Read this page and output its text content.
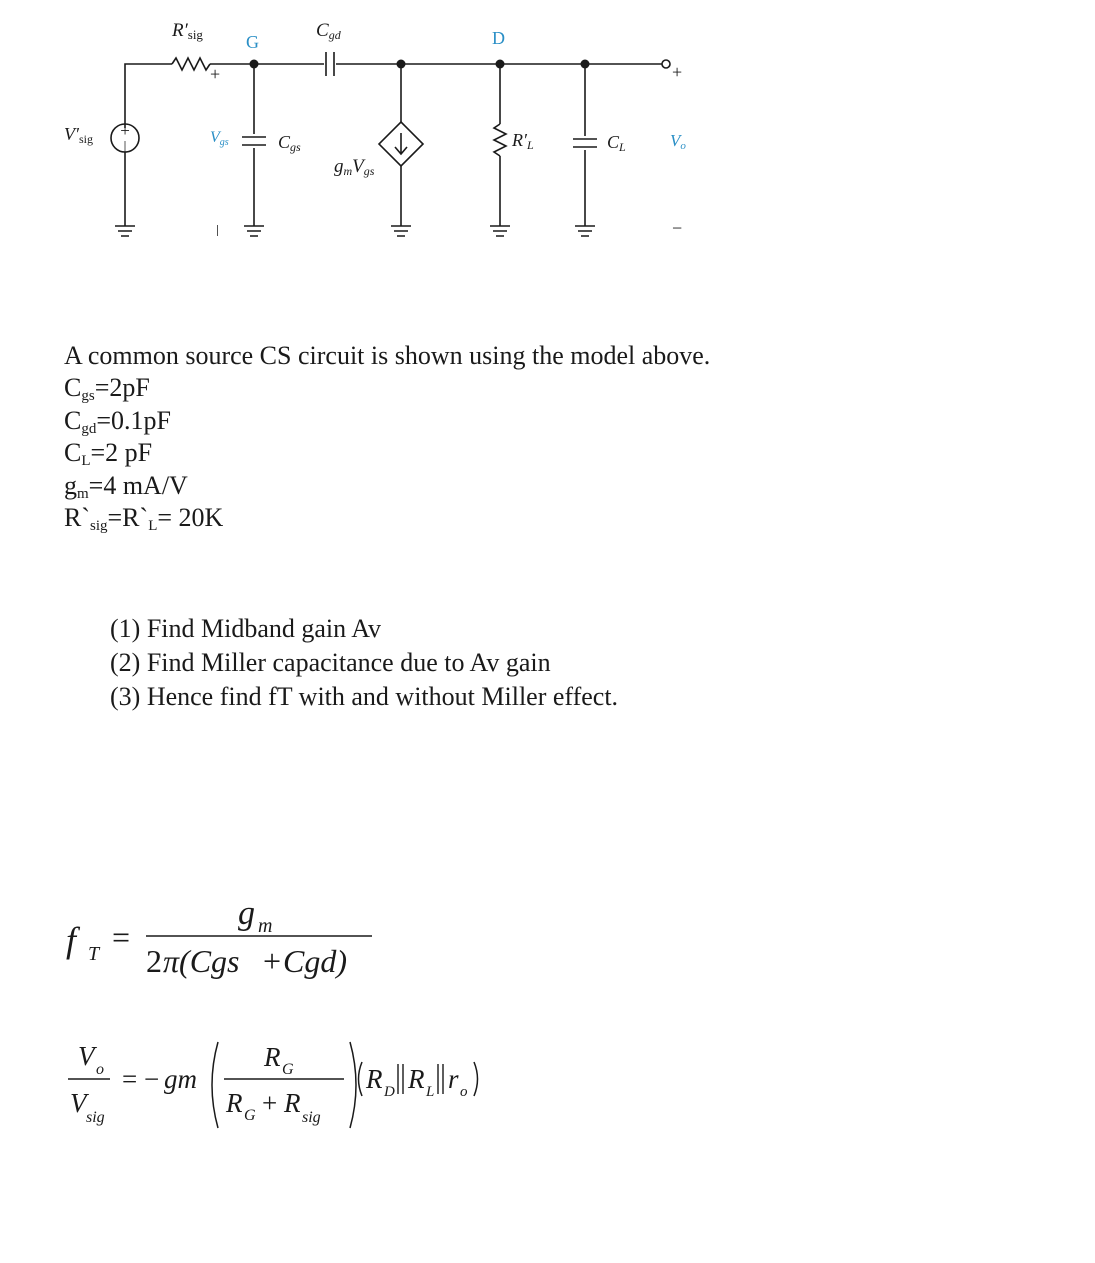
+
|
R′sig G
Cgd	D
V′sig	Vgs	Cgs
gmVgs
R′L	CL	Vo
+
ǀ
+
−
A common source CS circuit is shown using the model above.
$C_{gs}=2pF$
$C_{gd}=0.1pF$
$C_L=2$ pF
$g_m=4$ mA/V
$R`_{sig}=R`_L= 20K$
(1) Find Midband gain Av
(2) Find Miller capacitance due to Av gain
(3) Hence find fT with and without Miller effect.
f T =
g m
2 π(Cgs + Cgd)
V o
V sig
= − gm
R G
R G + R sig
R D R L r o
